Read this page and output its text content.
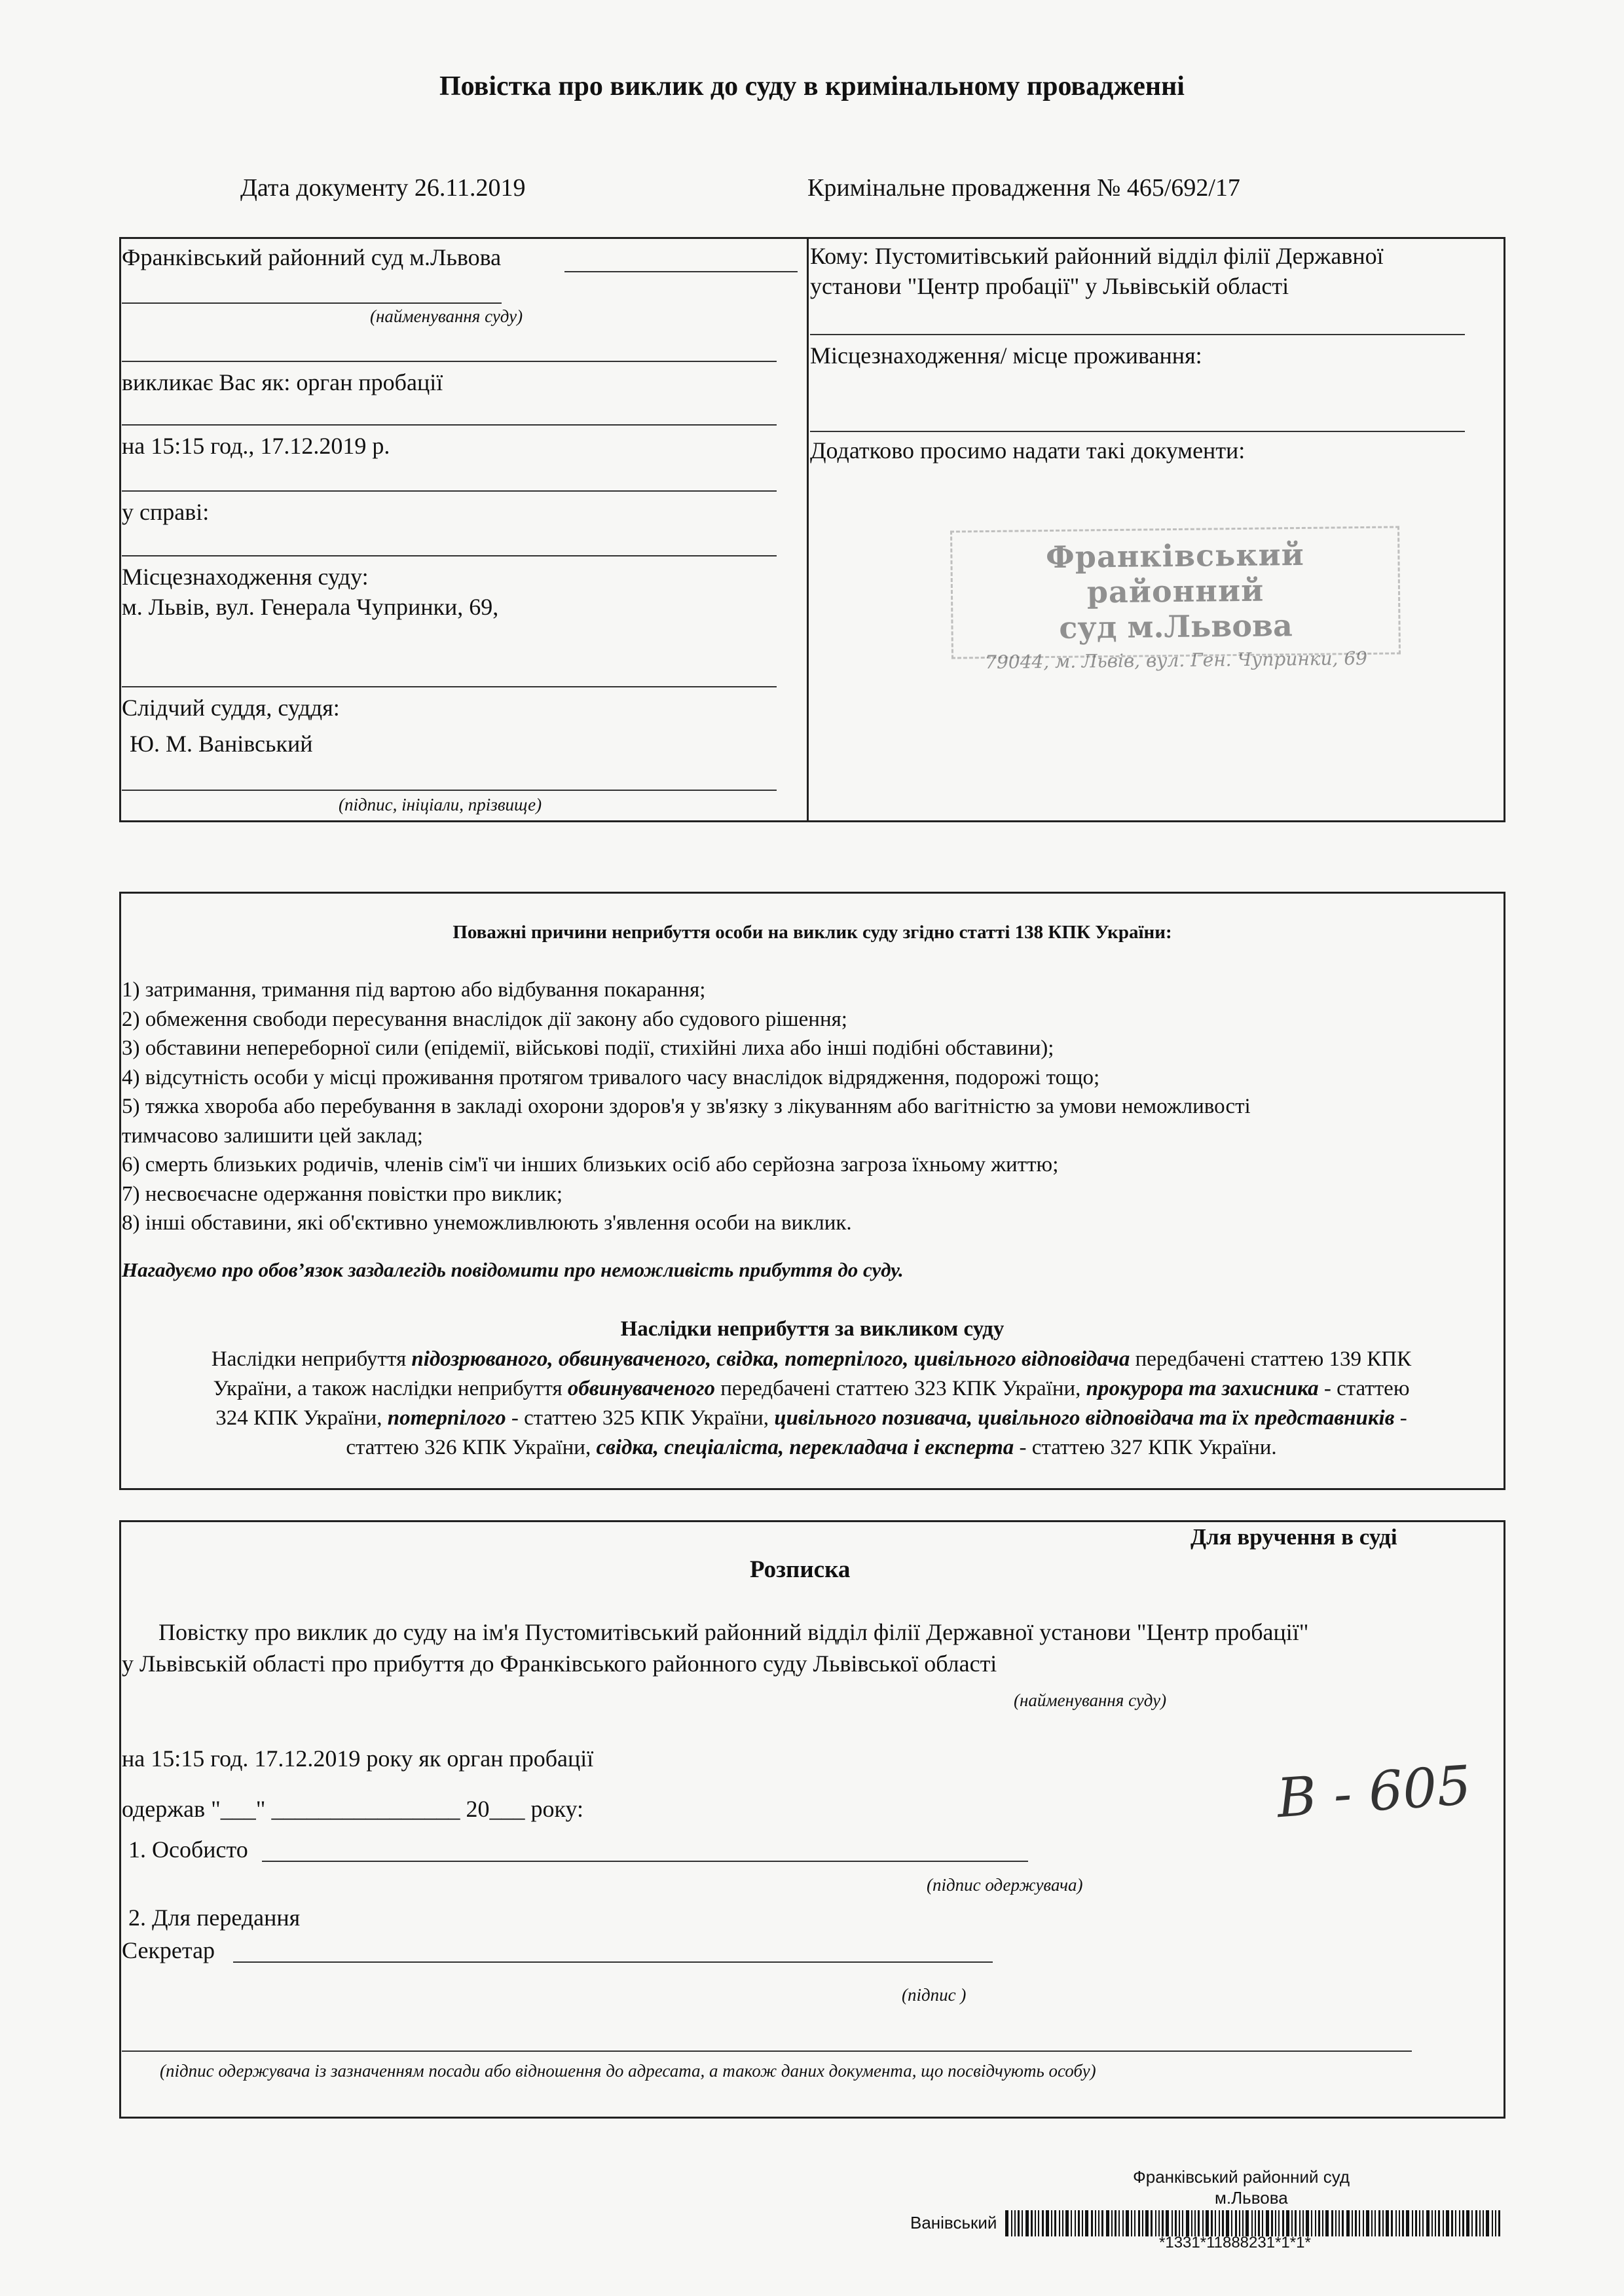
Повістка про виклик до суду в кримінальному провадженні
Дата документу 26.11.2019	Кримінальне провадження № 465/692/17
Франківський районний суд м.Львова
(найменування суду)
викликає Вас як: орган пробації
на 15:15 год., 17.12.2019 р.
у справі:
Місцезнаходження суду:
м. Львів, вул. Генерала Чупринки, 69,
Слідчий суддя, суддя:
Ю. М. Ванівський
(підпис, ініціали, прізвище)
Кому: Пустомитівський районний відділ філії Державної
установи "Центр пробації" у Львівській області
Місцезнаходження/ місце проживання:
Додатково просимо надати такі документи:
Франківський районний
суд м.Львова
79044, м. Львів, вул. Ген. Чупринки, 69
Поважні причини неприбуття особи на виклик суду згідно статті 138 КПК України:
1) затримання, тримання під вартою або відбування покарання;
2) обмеження свободи пересування внаслідок дії закону або судового рішення;
3) обставини непереборної сили (епідемії, військові події, стихійні лиха або інші подібні обставини);
4) відсутність особи у місці проживання протягом тривалого часу внаслідок відрядження, подорожі тощо;
5) тяжка хвороба або перебування в закладі охорони здоров'я у зв'язку з лікуванням або вагітністю за умови неможливості
тимчасово залишити цей заклад;
6) смерть близьких родичів, членів сім'ї чи інших близьких осіб або серйозна загроза їхньому життю;
7) несвоєчасне одержання повістки про виклик;
8) інші обставини, які об'єктивно унеможливлюють з'явлення особи на виклик.
Нагадуємо про обов’язок заздалегідь повідомити про неможливість прибуття до суду.
Наслідки неприбуття за викликом суду
Наслідки неприбуття підозрюваного, обвинуваченого, свідка, потерпілого, цивільного відповідача передбачені статтею 139 КПК
України, а також наслідки неприбуття обвинуваченого передбачені статтею 323 КПК України, прокурора та захисника - статтею
324 КПК України, потерпілого - статтею 325 КПК України, цивільного позивача, цивільного відповідача та їх представників -
статтею 326 КПК України, свідка, спеціаліста, перекладача і експерта - статтею 327 КПК України.
Для вручення в суді
Розписка
Повістку про виклик до суду на ім'я Пустомитівський районний відділ філії Державної установи "Центр пробації"
у Львівській області про прибуття до Франківського районного суду Львівської області
(найменування суду)
на 15:15 год. 17.12.2019 року як орган пробації
одержав "___" ________________ 20___ року:
1. Особисто
(підпис одержувача)
2. Для передання
Секретар
(підпис )
(підпис одержувача із зазначенням посади або відношення до адресата, а також даних документа, що посвідчують особу)
В - 605
Франківський районний суд
м.Львова
Ванівський
*1331*11888231*1*1*
